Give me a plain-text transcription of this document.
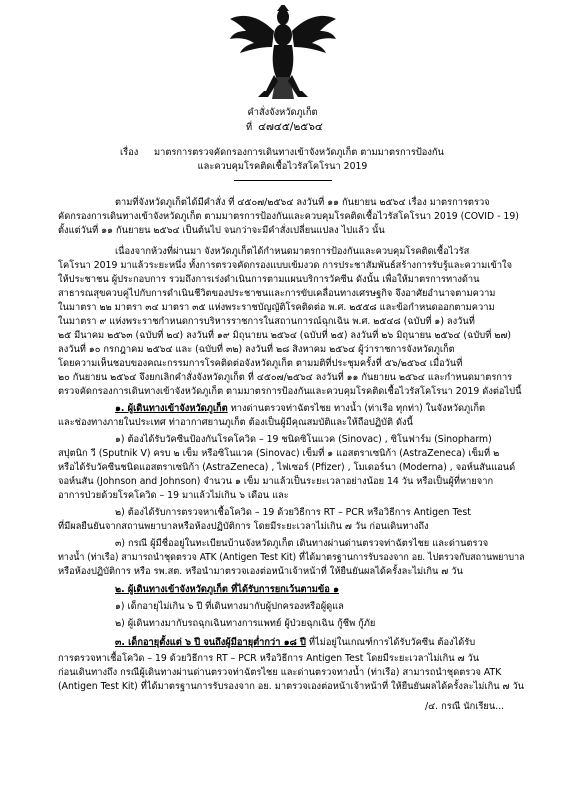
คำสั่งจังหวัดภูเก็ต
ที่ ๔๗๔๕/๒๕๖๔
เรื่อง มาตรการตรวจคัดกรองการเดินทางเข้าจังหวัดภูเก็ต ตามมาตรการป้องกัน
และควบคุมโรคติดเชื้อไวรัสโคโรนา 2019
ตามที่จังหวัดภูเก็ตได้มีคำสั่ง ที่ ๔๕๐๗/๒๕๖๔ ลงวันที่ ๑๑ กันยายน ๒๕๖๔ เรื่อง มาตรการตรวจ
คัดกรองการเดินทางเข้าจังหวัดภูเก็ต ตามมาตรการป้องกันและควบคุมโรคติดเชื้อไวรัสโคโรนา 2019 (COVID - 19)
ตั้งแต่วันที่ ๑๑ กันยายน ๒๕๖๔ เป็นต้นไป จนกว่าจะมีคำสั่งเปลี่ยนแปลง ไปแล้ว นั้น
เนื่องจากห้วงที่ผ่านมา จังหวัดภูเก็ตได้กำหนดมาตรการป้องกันและควบคุมโรคติดเชื้อไวรัส
โคโรนา 2019 มาแล้วระยะหนึ่ง ทั้งการตรวจคัดกรองแบบเข้มงวด การประชาสัมพันธ์สร้างการรับรู้และความเข้าใจ
ให้ประชาชน ผู้ประกอบการ รวมถึงการเร่งดำเนินการตามแผนบริการวัคซีน ดังนั้น เพื่อให้มาตรการทางด้าน
สาธารณสุขควบคู่ไปกับการดำเนินชีวิตของประชาชนและการขับเคลื่อนทางเศรษฐกิจ จึงอาศัยอำนาจตามความ
ในมาตรา ๒๒ มาตรา ๓๔ มาตรา ๓๕ แห่งพระราชบัญญัติโรคติดต่อ พ.ศ. ๒๕๕๘ และข้อกำหนดออกตามความ
ในมาตรา ๙ แห่งพระราชกำหนดการบริหารราชการในสถานการณ์ฉุกเฉิน พ.ศ. ๒๕๔๘ (ฉบับที่ ๑) ลงวันที่
๒๕ มีนาคม ๒๕๖๓ (ฉบับที่ ๒๔) ลงวันที่ ๑๙ มิถุนายน ๒๕๖๔ (ฉบับที่ ๒๕) ลงวันที่ ๒๖ มิถุนายน ๒๕๖๔ (ฉบับที่ ๒๗)
ลงวันที่ ๑๐ กรกฎาคม ๒๕๖๔ และ (ฉบับที่ ๓๒) ลงวันที่ ๒๘ สิงหาคม ๒๕๖๔ ผู้ว่าราชการจังหวัดภูเก็ต
โดยความเห็นชอบของคณะกรรมการโรคติดต่อจังหวัดภูเก็ต ตามมติที่ประชุมครั้งที่ ๕๖/๒๕๖๔ เมื่อวันที่
๒๐ กันยายน ๒๕๖๔ จึงยกเลิกคำสั่งจังหวัดภูเก็ต ที่ ๔๕๐๗/๒๕๖๔ ลงวันที่ ๑๑ กันยายน ๒๕๖๔ และกำหนดมาตรการ
ตรวจคัดกรองการเดินทางเข้าจังหวัดภูเก็ต ตามมาตรการป้องกันและควบคุมโรคติดเชื้อไวรัสโคโรนา 2019 ดังต่อไปนี้
๑. ผู้เดินทางเข้าจังหวัดภูเก็ต ทางด่านตรวจท่าฉัตรไชย ทางน้ำ (ท่าเรือ ทุกท่า) ในจังหวัดภูเก็ต
และช่องทางภายในประเทศ ท่าอากาศยานภูเก็ต ต้องเป็นผู้มีคุณสมบัติและให้ถือปฏิบัติ ดังนี้
๑) ต้องได้รับวัคซีนป้องกันโรคโควิด – 19 ชนิดซิโนแวค (Sinovac) , ซิโนฟาร์ม (Sinopharm)
สปุตนิก วี (Sputnik V) ครบ ๒ เข็ม หรือซิโนแวค (Sinovac) เข็มที่ ๑ แอสตราเซนิก้า (AstraZeneca) เข็มที่ ๒
หรือได้รับวัคซีนชนิดแอสตราเซนิก้า (AstraZeneca) , ไฟเซอร์ (Pfizer) , โมเดอร์นา (Moderna) , จอห์นสันแอนด์
จอห์นสัน (Johnson and Johnson) จำนวน ๑ เข็ม มาแล้วเป็นระยะเวลาอย่างน้อย 14 วัน หรือเป็นผู้ที่หายจาก
อาการป่วยด้วยโรคโควิด – 19 มาแล้วไม่เกิน ๖ เดือน และ
๒) ต้องได้รับการตรวจหาเชื้อโควิด – 19 ด้วยวิธีการ RT – PCR หรือวิธีการ Antigen Test
ที่มีผลยืนยันจากสถานพยาบาลหรือห้องปฏิบัติการ โดยมีระยะเวลาไม่เกิน ๗ วัน ก่อนเดินทางถึง
๓) กรณี ผู้มีชื่ออยู่ในทะเบียนบ้านจังหวัดภูเก็ต เดินทางผ่านด่านตรวจท่าฉัตรไชย และด่านตรวจ
ทางน้ำ (ท่าเรือ) สามารถนำชุดตรวจ ATK (Antigen Test Kit) ที่ได้มาตรฐานการรับรองจาก อย. ไปตรวจกับสถานพยาบาล
หรือห้องปฏิบัติการ หรือ รพ.สต. หรือนำมาตรวจเองต่อหน้าเจ้าหน้าที่ ให้ยืนยันผลได้ครั้งละไม่เกิน ๗ วัน
๒. ผู้เดินทางเข้าจังหวัดภูเก็ต ที่ได้รับการยกเว้นตามข้อ ๑
๑) เด็กอายุไม่เกิน ๖ ปี ที่เดินทางมากับผู้ปกครองหรือผู้ดูแล
๒) ผู้เดินทางมากับรถฉุกเฉินทางการแพทย์ ผู้ป่วยฉุกเฉิน กู้ชีพ กู้ภัย
๓. เด็กอายุตั้งแต่ ๖ ปี จนถึงผู้มีอายุต่ำกว่า ๑๘ ปี ที่ไม่อยู่ในเกณฑ์การได้รับวัคซีน ต้องได้รับ
การตรวจหาเชื้อโควิด – 19 ด้วยวิธีการ RT – PCR หรือวิธีการ Antigen Test โดยมีระยะเวลาไม่เกิน ๗ วัน
ก่อนเดินทางถึง กรณีผู้เดินทางผ่านด่านตรวจท่าฉัตรไชย และด่านตรวจทางน้ำ (ท่าเรือ) สามารถนำชุดตรวจ ATK
(Antigen Test Kit) ที่ได้มาตรฐานการรับรองจาก อย. มาตรวจเองต่อหน้าเจ้าหน้าที่ ให้ยืนยันผลได้ครั้งละไม่เกิน ๗ วัน
/๔. กรณี นักเรียน...
